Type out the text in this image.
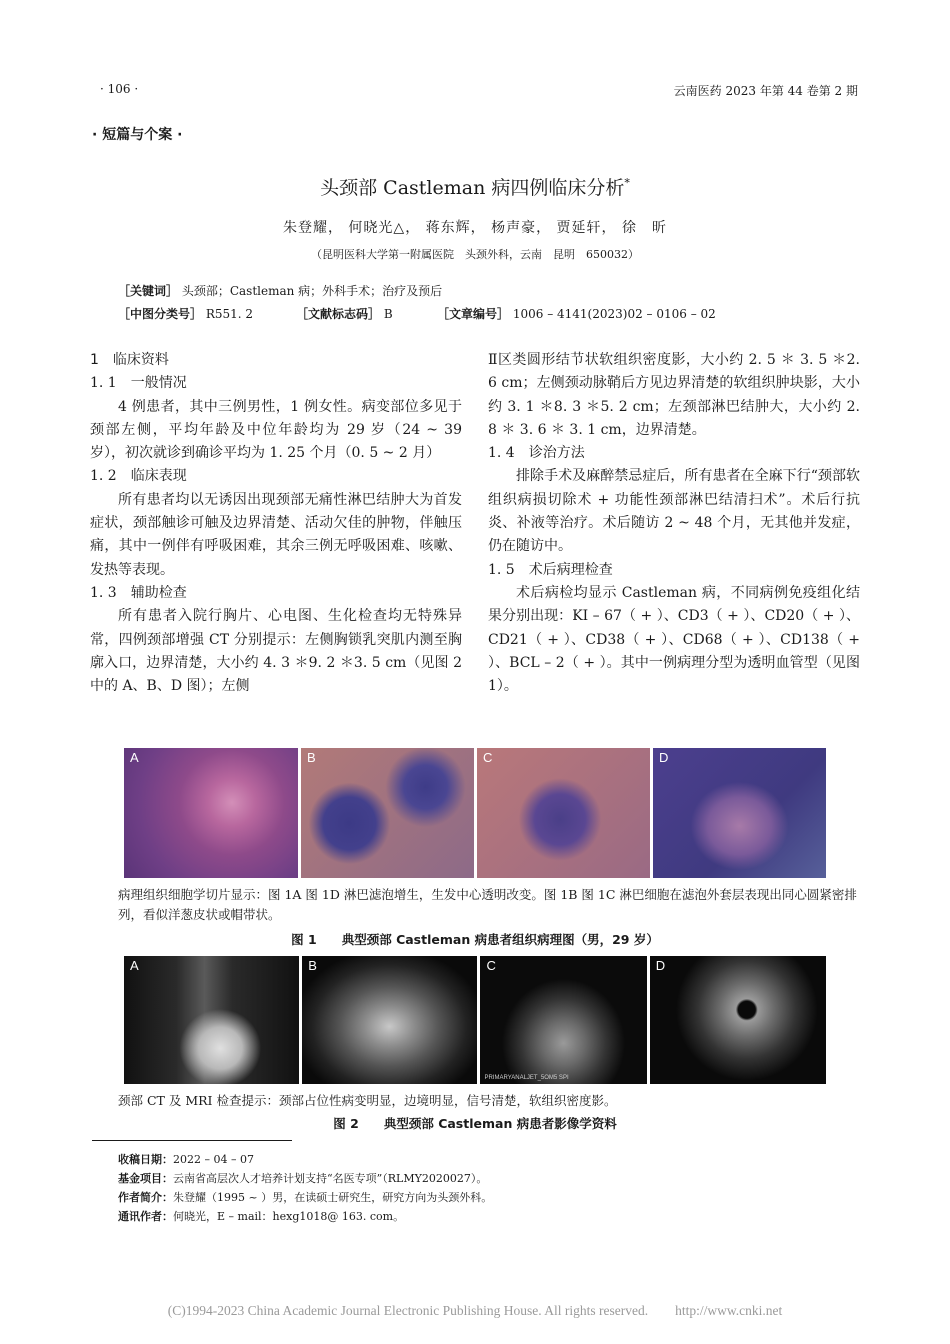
· 106 ·	云南医药 2023 年第 44 卷第 2 期
· 短篇与个案 ·
头颈部 Castleman 病四例临床分析*
朱登耀， 何晓光△， 蒋东辉， 杨声豪， 贾延轩， 徐　昕
（昆明医科大学第一附属医院　头颈外科，云南　昆明　650032）
［关键词］ 头颈部；Castleman 病；外科手术；治疗及预后
［中图分类号］ R551. 2	［文献标志码］ B	［文章编号］ 1006 – 4141(2023)02 – 0106 – 02

1　临床资料

1. 1　一般情况

4 例患者，其中三例男性，1 例女性。病变部位多见于颈部左侧，平均年龄及中位年龄均为 29 岁（24 ~ 39 岁），初次就诊到确诊平均为 1. 25 个月（0. 5 ~ 2 月）

1. 2　临床表现

所有患者均以无诱因出现颈部无痛性淋巴结肿大为首发症状，颈部触诊可触及边界清楚、活动欠佳的肿物，伴触压痛，其中一例伴有呼吸困难，其余三例无呼吸困难、咳嗽、发热等表现。

1. 3　辅助检查

所有患者入院行胸片、心电图、生化检查均无特殊异常，四例颈部增强 CT 分别提示：左侧胸锁乳突肌内测至胸廓入口，边界清楚，大小约 4. 3 ＊9. 2 ＊3. 5 cm（见图 2 中的 A、B、D 图）；左侧

Ⅱ区类圆形结节状软组织密度影，大小约 2. 5 ＊ 3. 5 ＊2. 6 cm；左侧颈动脉鞘后方见边界清楚的软组织肿块影，大小约 3. 1 ＊8. 3 ＊5. 2 cm；左颈部淋巴结肿大，大小约 2. 8 ＊ 3. 6 ＊ 3. 1 cm，边界清楚。

1. 4　诊治方法

排除手术及麻醉禁忌症后，所有患者在全麻下行“颈部软组织病损切除术 + 功能性颈部淋巴结清扫术”。术后行抗炎、补液等治疗。术后随访 2 ~ 48 个月，无其他并发症，仍在随访中。

1. 5　术后病理检查

术后病检均显示 Castleman 病，不同病例免疫组化结果分别出现：KI – 67（ + ）、CD3（ + ）、CD20（ + ）、CD21（ + ）、CD38（ + ）、CD68（ + ）、CD138（ + ）、BCL – 2（ + ）。其中一例病理分型为透明血管型（见图 1）。

A	B	C	D
病理组织细胞学切片显示：图 1A 图 1D 淋巴滤泡增生，生发中心透明改变。图 1B 图 1C 淋巴细胞在滤泡外套层表现出同心圆紧密排列，看似洋葱皮状或帽带状。
图 1　　典型颈部 Castleman 病患者组织病理图（男，29 岁）
A	B	C
PRIMARYANALJET_5OM5 SPI
D
颈部 CT 及 MRI 检查提示：颈部占位性病变明显，边境明显，信号清楚，软组织密度影。
图 2　　典型颈部 Castleman 病患者影像学资料
收稿日期：2022 – 04 – 07
基金项目：云南省高层次人才培养计划支持“名医专项”（RLMY2020027）。
作者简介：朱登耀（1995 ~ ）男，在读硕士研究生，研究方向为头颈外科。
通讯作者：何晓光，E – mail：hexg1018@ 163. com。
(C)1994-2023 China Academic Journal Electronic Publishing House. All rights reserved.　　http://www.cnki.net
